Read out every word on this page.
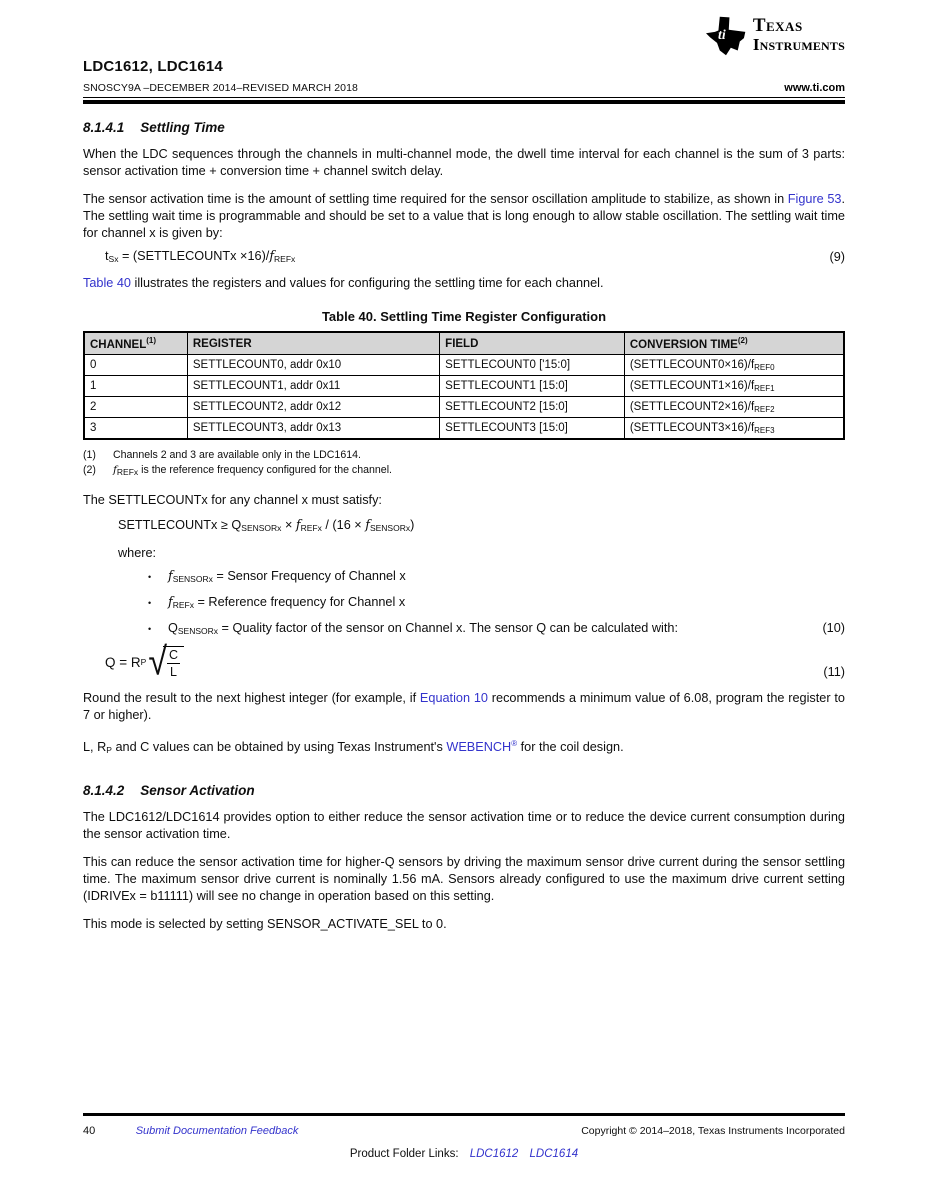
ti Texas
Instruments
LDC1612, LDC1614
SNOSCY9A –DECEMBER 2014–REVISED MARCH 2018	www.ti.com
8.1.4.1 Settling Time

When the LDC sequences through the channels in multi-channel mode, the dwell time interval for each channel is the sum of 3 parts: sensor activation time + conversion time + channel switch delay.

The sensor activation time is the amount of settling time required for the sensor oscillation amplitude to stabilize, as shown in Figure 53. The settling wait time is programmable and should be set to a value that is long enough to allow stable oscillation. The settling wait time for channel x is given by:

$t_{Sx}$ = (SETTLECOUNTx $\times 16)/f_{REFx}$	(9)

Table 40 illustrates the registers and values for configuring the settling time for each channel.

Table 40. Settling Time Register Configuration
CHANNEL$^{(1)}$	REGISTER	FIELD	CONVERSION TIME$^{(2)}$
0	SETTLECOUNT0, addr 0x10	SETTLECOUNT0 ['15:0]	(SETTLECOUNT0×16)/fREF0
1	SETTLECOUNT1, addr 0x11	SETTLECOUNT1 [15:0]	(SETTLECOUNT1×16)/fREF1
2	SETTLECOUNT2, addr 0x12	SETTLECOUNT2 [15:0]	(SETTLECOUNT2×16)/fREF2
3	SETTLECOUNT3, addr 0x13	SETTLECOUNT3 [15:0]	(SETTLECOUNT3×16)/fREF3
(1)	Channels 2 and 3 are available only in the LDC1614.
(2)	$f_{REFx}$ is the reference frequency configured for the channel.

The SETTLECOUNTx for any channel x must satisfy:

SETTLECOUNTx ≥ $Q_{SENSORx} \times f_{REFx} / (16 \times f_{SENSORx})$
where:
•	$f_{SENSORx}$ = Sensor Frequency of Channel x
•	$f_{REFx}$ = Reference frequency for Channel x
•	$Q_{SENSORx}$ = Quality factor of the sensor on Channel x. The sensor Q can be calculated with:	(10)
Q = R P √ $\frac{C}{L}$	(11)

Round the result to the next highest integer (for example, if Equation 10 recommends a minimum value of 6.08, program the register to 7 or higher).

L, $R_P$ and C values can be obtained by using Texas Instrument's WEBENCH® for the coil design.

8.1.4.2 Sensor Activation

The LDC1612/LDC1614 provides option to either reduce the sensor activation time or to reduce the device current consumption during the sensor activation time.

This can reduce the sensor activation time for higher-Q sensors by driving the maximum sensor drive current during the sensor settling time. The maximum sensor drive current is nominally 1.56 mA. Sensors already configured to use the maximum drive current setting (IDRIVEx = b11111) will see no change in operation based on this setting.

This mode is selected by setting SENSOR_ACTIVATE_SEL to 0.

40	Submit Documentation Feedback	Copyright © 2014–2018, Texas Instruments Incorporated
Product Folder Links: LDC1612 LDC1614
